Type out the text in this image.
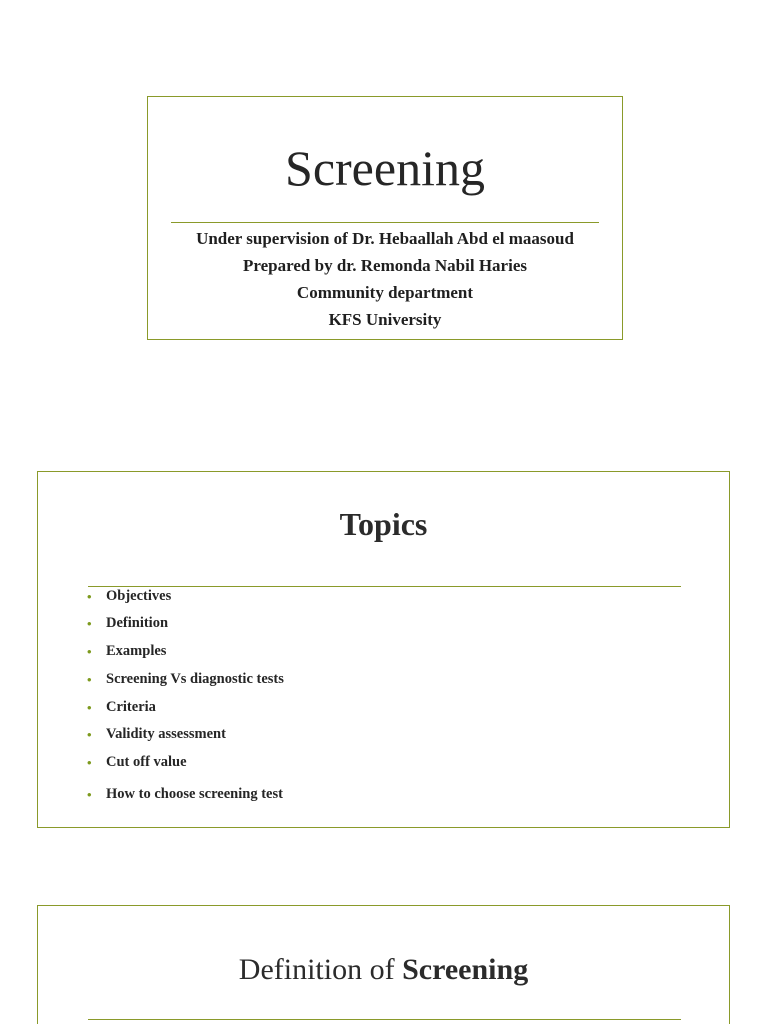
Screening
Under supervision of Dr. Hebaallah Abd el maasoud
Prepared by dr. Remonda Nabil Haries
Community department
KFS University
Topics
• Objectives
• Definition
• Examples
• Screening Vs diagnostic tests
• Criteria
• Validity assessment
• Cut off value
• How to choose screening test
Definition of Screening
